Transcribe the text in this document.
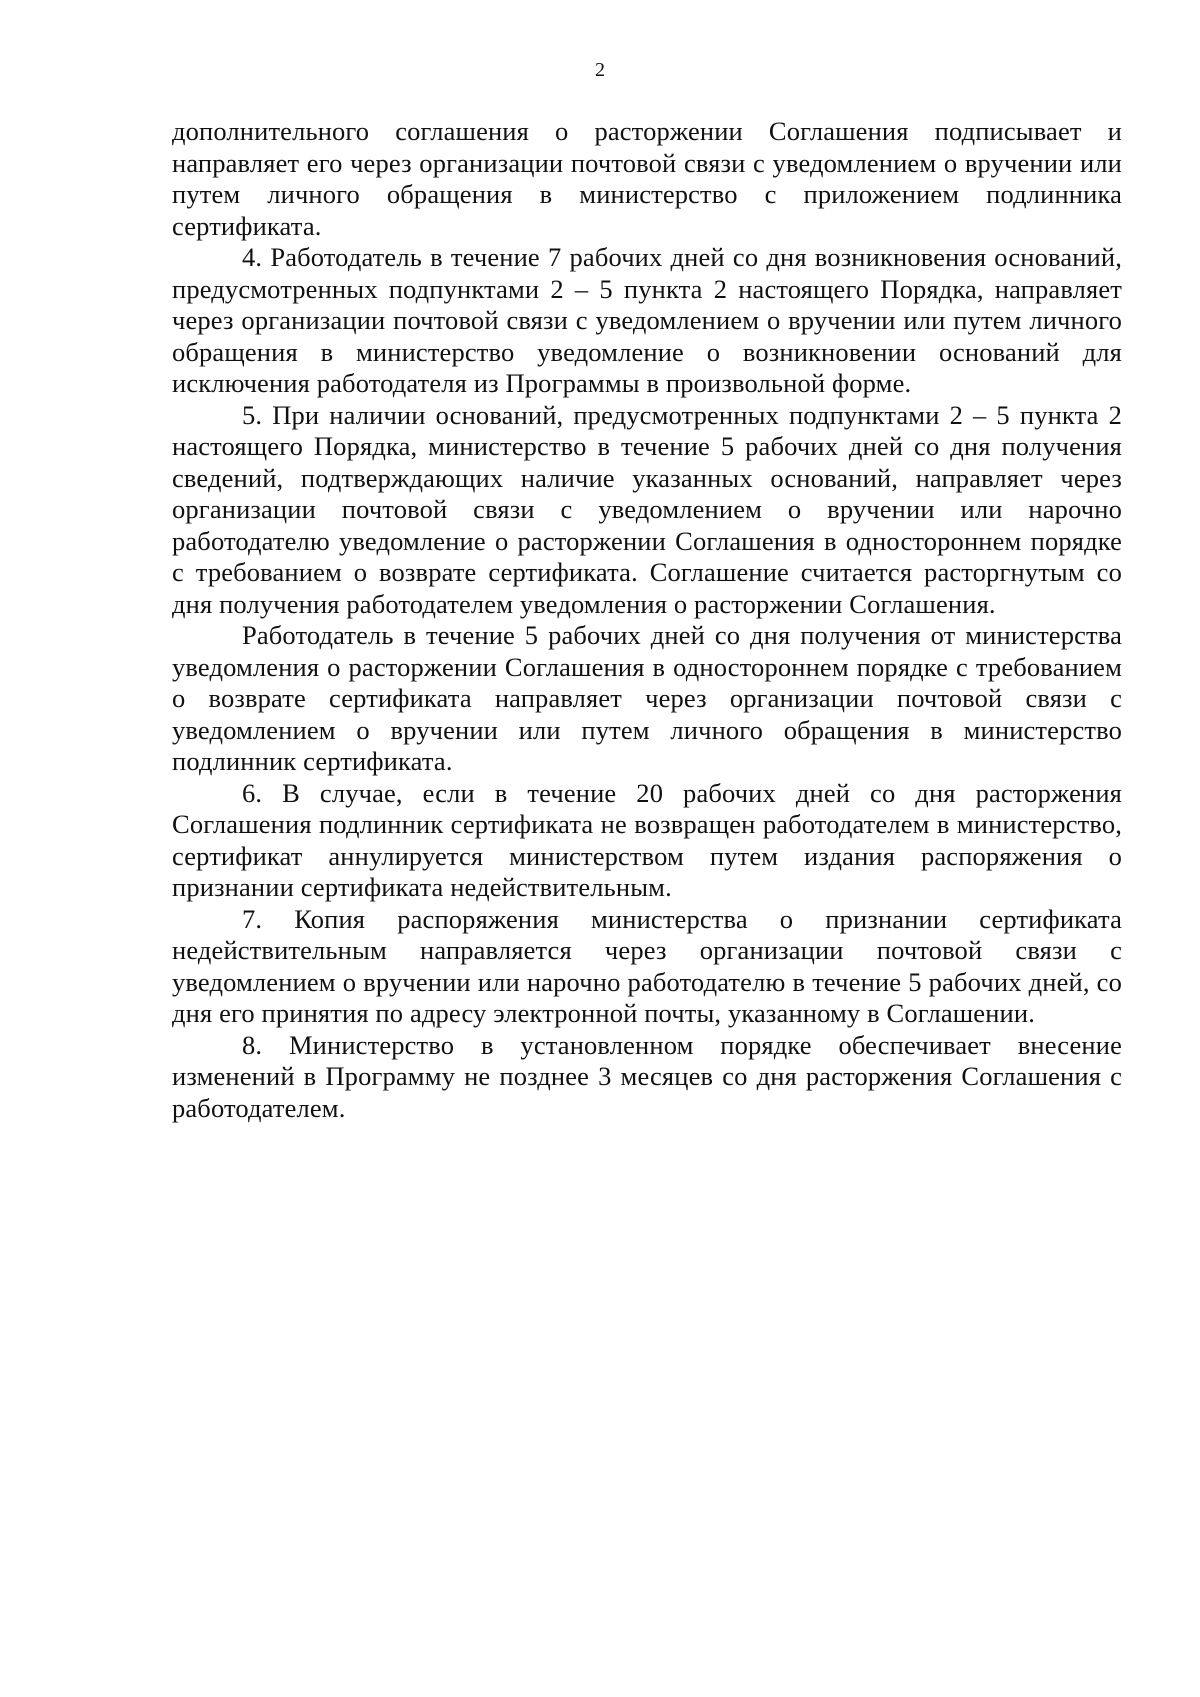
2

дополнительного соглашения о расторжении Соглашения подписывает и направляет его через организации почтовой связи с уведомлением о вручении или путем личного обращения в министерство с приложением подлинника сертификата.

4. Работодатель в течение 7 рабочих дней со дня возникновения оснований, предусмотренных подпунктами 2 – 5 пункта 2 настоящего Порядка, направляет через организации почтовой связи с уведомлением о вручении или путем личного обращения в министерство уведомление о возникновении оснований для исключения работодателя из Программы в произвольной форме.

5. При наличии оснований, предусмотренных подпунктами 2 – 5 пункта 2 настоящего Порядка, министерство в течение 5 рабочих дней со дня получения сведений, подтверждающих наличие указанных оснований, направляет через организации почтовой связи с уведомлением о вручении или нарочно работодателю уведомление о расторжении Соглашения в одностороннем порядке с требованием о возврате сертификата. Соглашение считается расторгнутым со дня получения работодателем уведомления о расторжении Соглашения.

Работодатель в течение 5 рабочих дней со дня получения от министерства уведомления о расторжении Соглашения в одностороннем порядке с требованием о возврате сертификата направляет через организации почтовой связи с уведомлением о вручении или путем личного обращения в министерство подлинник сертификата.

6. В случае, если в течение 20 рабочих дней со дня расторжения Соглашения подлинник сертификата не возвращен работодателем в министерство, сертификат аннулируется министерством путем издания распоряжения о признании сертификата недействительным.

7. Копия распоряжения министерства о признании сертификата недействительным направляется через организации почтовой связи с уведомлением о вручении или нарочно работодателю в течение 5 рабочих дней, со дня его принятия по адресу электронной почты, указанному в Соглашении.

8. Министерство в установленном порядке обеспечивает внесение изменений в Программу не позднее 3 месяцев со дня расторжения Соглашения с работодателем.
